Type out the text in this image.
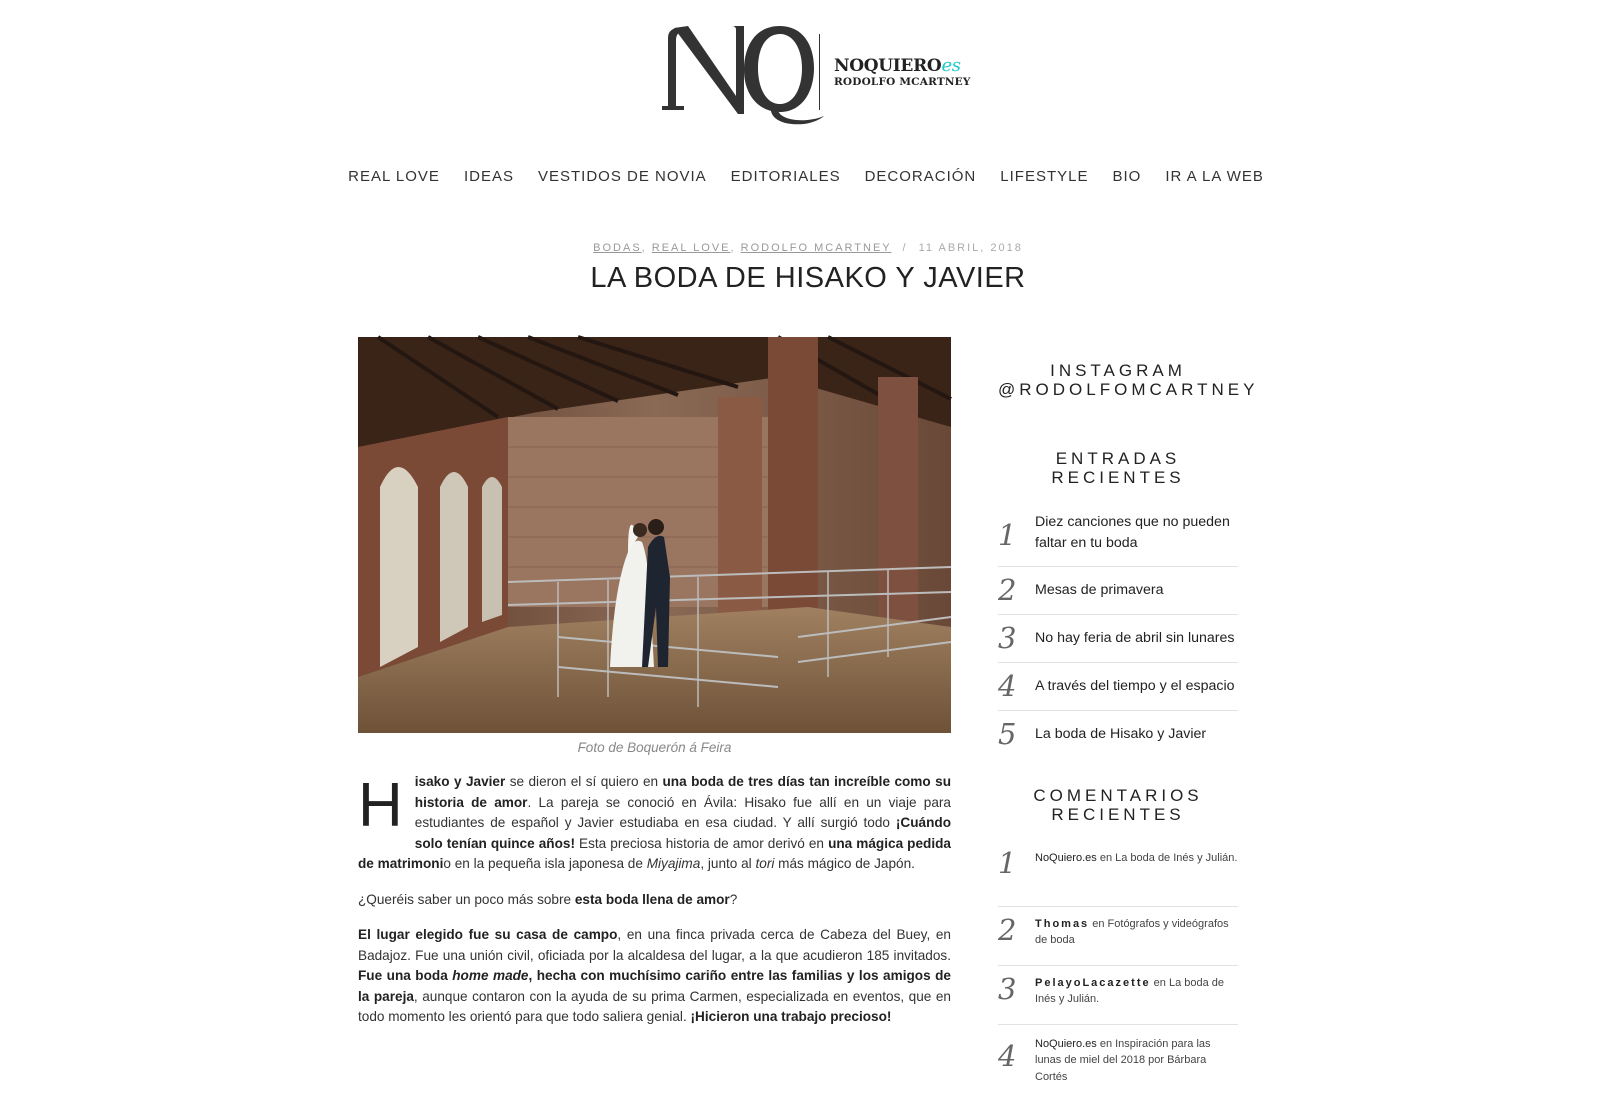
NOQUIEROes
RODOLFO MCARTNEY
REAL LOVE IDEAS VESTIDOS DE NOVIA EDITORIALES DECORACIÓN LIFESTYLE BIO IR A LA WEB
BODAS, REAL LOVE, RODOLFO MCARTNEY / 11 ABRIL, 2018
LA BODA DE HISAKO Y JAVIER
Foto de Boquerón á Feira

Hisako y Javier se dieron el sí quiero en una boda de tres días tan increíble como su historia de amor. La pareja se conoció en Ávila: Hisako fue allí en un viaje para estudiantes de español y Javier estudiaba en esa ciudad. Y allí surgió todo ¡Cuándo solo tenían quince años! Esta preciosa historia de amor derivó en una mágica pedida de matrimonio en la pequeña isla japonesa de Miyajima, junto al tori más mágico de Japón.

¿Queréis saber un poco más sobre esta boda llena de amor?

El lugar elegido fue su casa de campo, en una finca privada cerca de Cabeza del Buey, en Badajoz. Fue una unión civil, oficiada por la alcaldesa del lugar, a la que acudieron 185 invitados. Fue una boda home made, hecha con muchísimo cariño entre las familias y los amigos de la pareja, aunque contaron con la ayuda de su prima Carmen, especializada en eventos, que en todo momento les orientó para que todo saliera genial. ¡Hicieron una trabajo precioso!

INSTAGRAM
@RODOLFOMCARTNEY
ENTRADAS
RECIENTES
1 Diez canciones que no pueden faltar en tu boda
2 Mesas de primavera
3 No hay feria de abril sin lunares
4 A través del tiempo y el espacio
5 La boda de Hisako y Javier
COMENTARIOS
RECIENTES
1 NoQuiero.es en La boda de Inés y Julián.
2 Thomas en Fotógrafos y videógrafos de boda
3 PelayoLacazette en La boda de Inés y Julián.
4 NoQuiero.es en Inspiración para las lunas de miel del 2018 por Bárbara Cortés
